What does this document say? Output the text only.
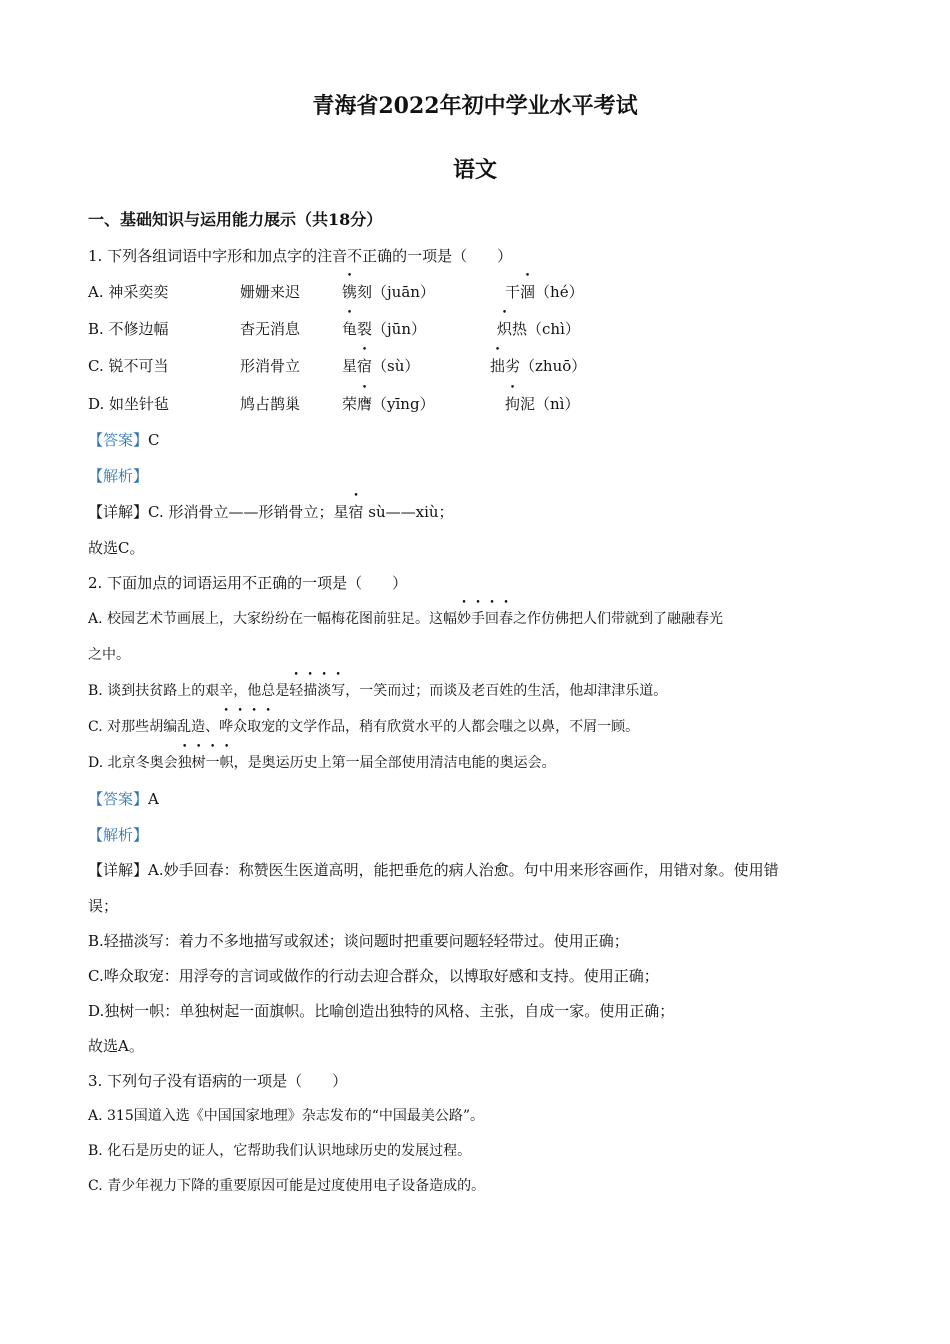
青海省2022年初中学业水平考试
语文
一、基础知识与运用能力展示（共18分）
1. 下列各组词语中字形和加点字的注音不正确的一项是（　　）
A. 神采奕奕	姗姗来迟	镌刻（juān）	干涸（hé）
B. 不修边幅	杳无消息	龟裂（jūn）	炽热（chì）
C. 锐不可当	形消骨立	星宿（sù）	拙劣（zhuō）
D. 如坐针毡	鸠占鹊巢	荣膺（yīng）	拘泥（nì）
【答案】C
【解析】
【详解】C. 形消骨立——形销骨立；星宿 sù——xiù；
故选C。
2. 下面加点的词语运用不正确的一项是（　　）
A. 校园艺术节画展上，大家纷纷在一幅梅花图前驻足。这幅妙手回春之作仿佛把人们带就到了融融春光
之中。
B. 谈到扶贫路上的艰辛，他总是轻描淡写，一笑而过；而谈及老百姓的生活，他却津津乐道。
C. 对那些胡编乱造、哗众取宠的文学作品，稍有欣赏水平的人都会嗤之以鼻，不屑一顾。
D. 北京冬奥会独树一帜，是奥运历史上第一届全部使用清洁电能的奥运会。
【答案】A
【解析】
【详解】A.妙手回春：称赞医生医道高明，能把垂危的病人治愈。句中用来形容画作，用错对象。使用错
误；
B.轻描淡写：着力不多地描写或叙述；谈问题时把重要问题轻轻带过。使用正确；
C.哗众取宠：用浮夸的言词或做作的行动去迎合群众，以博取好感和支持。使用正确；
D.独树一帜：单独树起一面旗帜。比喻创造出独特的风格、主张，自成一家。使用正确；
故选A。
3. 下列句子没有语病的一项是（　　）
A. 315国道入选《中国国家地理》杂志发布的“中国最美公路”。
B. 化石是历史的证人，它帮助我们认识地球历史的发展过程。
C. 青少年视力下降的重要原因可能是过度使用电子设备造成的。
